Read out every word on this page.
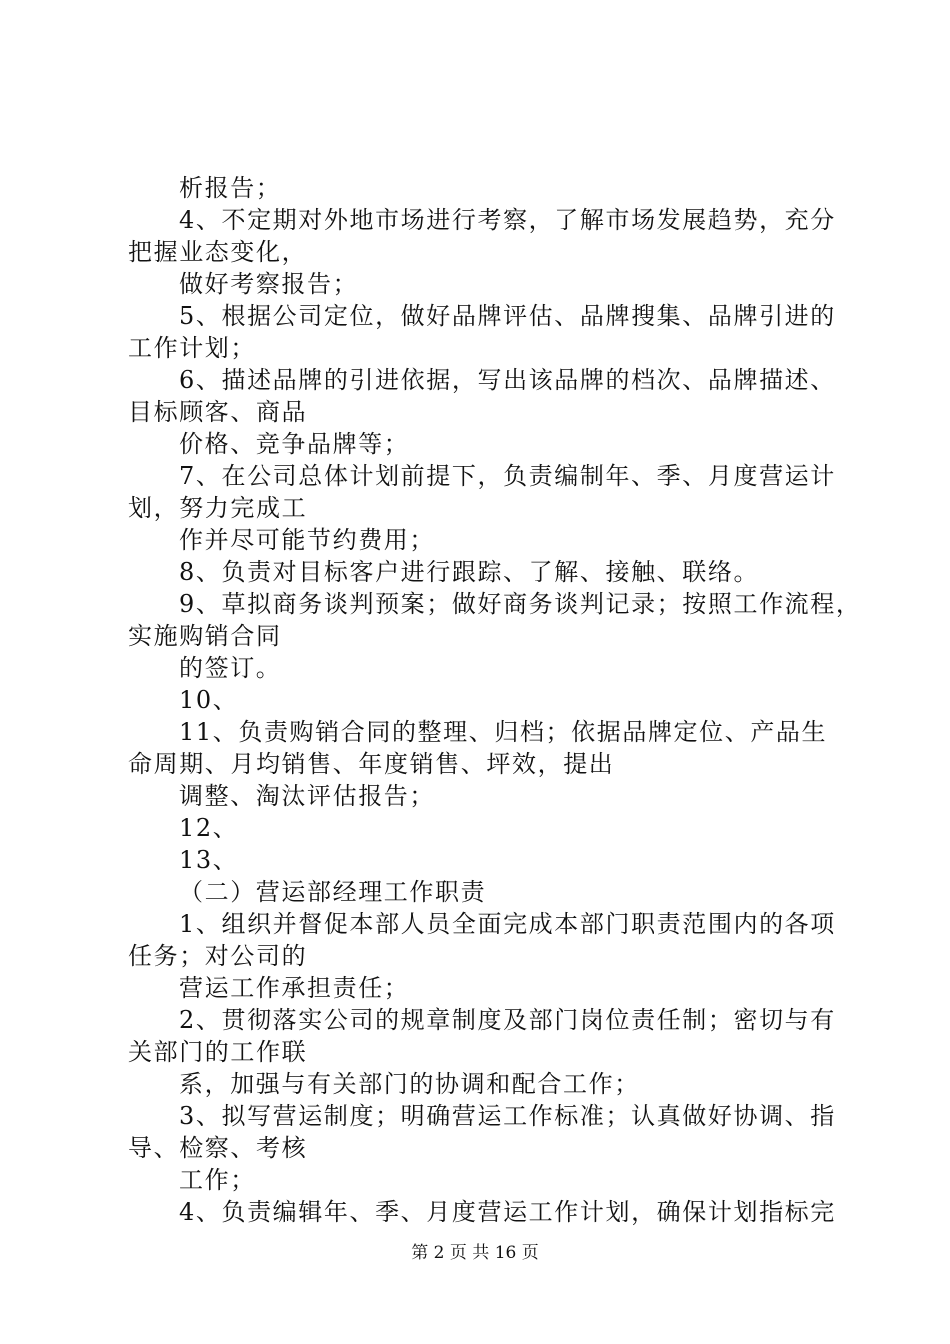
析报告；
4、不定期对外地市场进行考察，了解市场发展趋势，充分
把握业态变化，
做好考察报告；
5、根据公司定位，做好品牌评估、品牌搜集、品牌引进的
工作计划；
6、描述品牌的引进依据，写出该品牌的档次、品牌描述、
目标顾客、商品
价格、竞争品牌等；
7、在公司总体计划前提下，负责编制年、季、月度营运计
划，努力完成工
作并尽可能节约费用；
8、负责对目标客户进行跟踪、了解、接触、联络。
9、草拟商务谈判预案；做好商务谈判记录；按照工作流程，
实施购销合同
的签订。
10、
11、负责购销合同的整理、归档；依据品牌定位、产品生
命周期、月均销售、年度销售、坪效，提出
调整、淘汰评估报告；
12、
13、
（二）营运部经理工作职责
1、组织并督促本部人员全面完成本部门职责范围内的各项
任务；对公司的
营运工作承担责任；
2、贯彻落实公司的规章制度及部门岗位责任制；密切与有
关部门的工作联
系，加强与有关部门的协调和配合工作；
3、拟写营运制度；明确营运工作标准；认真做好协调、指
导、检察、考核
工作；
4、负责编辑年、季、月度营运工作计划，确保计划指标完
第 2 页 共 16 页
